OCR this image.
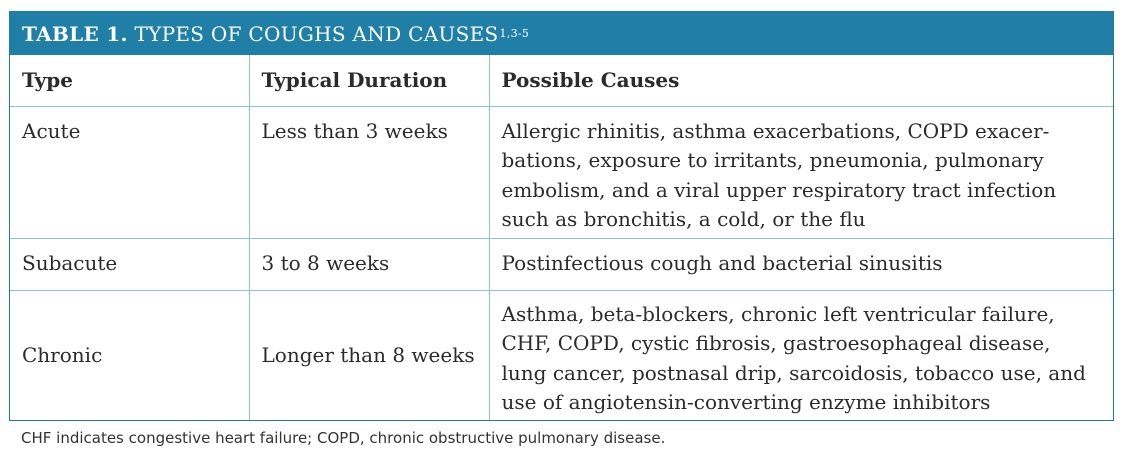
TABLE 1.
TYPES OF COUGHS AND CAUSES 1,3-5
Type	Typical Duration	Possible Causes
Acute	Less than 3 weeks	Allergic rhinitis, asthma exacerbations, COPD exacer-bations, exposure to irritants, pneumonia, pulmonary embolism, and a viral upper respiratory tract infection such as bronchitis, a cold, or the flu
Subacute	3 to 8 weeks	Postinfectious cough and bacterial sinusitis
Chronic	Longer than 8 weeks	Asthma, beta-blockers, chronic left ventricular failure, CHF, COPD, cystic fibrosis, gastroesophageal disease, lung cancer, postnasal drip, sarcoidosis, tobacco use, and use of angiotensin-converting enzyme inhibitors
CHF indicates congestive heart failure; COPD, chronic obstructive pulmonary disease.
